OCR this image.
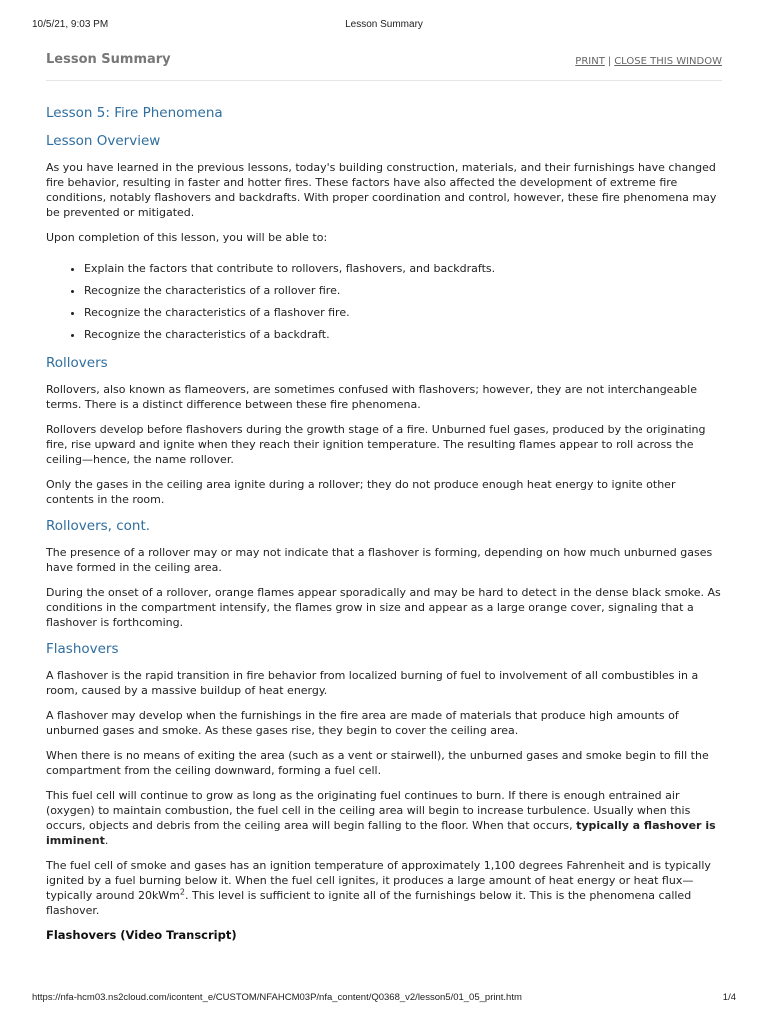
10/5/21, 9:03 PM	Lesson Summary
Lesson Summary	PRINT | CLOSE THIS WINDOW
Lesson 5: Fire Phenomena
Lesson Overview

As you have learned in the previous lessons, today's building construction, materials, and their furnishings have changed fire behavior, resulting in faster and hotter fires. These factors have also affected the development of extreme fire conditions, notably flashovers and backdrafts. With proper coordination and control, however, these fire phenomena may be prevented or mitigated.

Upon completion of this lesson, you will be able to:

• Explain the factors that contribute to rollovers, flashovers, and backdrafts.
• Recognize the characteristics of a rollover fire.
• Recognize the characteristics of a flashover fire.
• Recognize the characteristics of a backdraft.
Rollovers

Rollovers, also known as flameovers, are sometimes confused with flashovers; however, they are not interchangeable terms. There is a distinct difference between these fire phenomena.

Rollovers develop before flashovers during the growth stage of a fire. Unburned fuel gases, produced by the originating fire, rise upward and ignite when they reach their ignition temperature. The resulting flames appear to roll across the ceiling—hence, the name rollover.

Only the gases in the ceiling area ignite during a rollover; they do not produce enough heat energy to ignite other contents in the room.

Rollovers, cont.

The presence of a rollover may or may not indicate that a flashover is forming, depending on how much unburned gases have formed in the ceiling area.

During the onset of a rollover, orange flames appear sporadically and may be hard to detect in the dense black smoke. As conditions in the compartment intensify, the flames grow in size and appear as a large orange cover, signaling that a flashover is forthcoming.

Flashovers

A flashover is the rapid transition in fire behavior from localized burning of fuel to involvement of all combustibles in a room, caused by a massive buildup of heat energy.

A flashover may develop when the furnishings in the fire area are made of materials that produce high amounts of unburned gases and smoke. As these gases rise, they begin to cover the ceiling area.

When there is no means of exiting the area (such as a vent or stairwell), the unburned gases and smoke begin to fill the compartment from the ceiling downward, forming a fuel cell.

This fuel cell will continue to grow as long as the originating fuel continues to burn. If there is enough entrained air (oxygen) to maintain combustion, the fuel cell in the ceiling area will begin to increase turbulence. Usually when this occurs, objects and debris from the ceiling area will begin falling to the floor. When that occurs, typically a flashover is imminent.

The fuel cell of smoke and gases has an ignition temperature of approximately 1,100 degrees Fahrenheit and is typically ignited by a fuel burning below it. When the fuel cell ignites, it produces a large amount of heat energy or heat flux—typically around 20kWm$^2$. This level is sufficient to ignite all of the furnishings below it. This is the phenomena called flashover.

Flashovers (Video Transcript)
https://nfa-hcm03.ns2cloud.com/icontent_e/CUSTOM/NFAHCM03P/nfa_content/Q0368_v2/lesson5/01_05_print.htm	1/4
